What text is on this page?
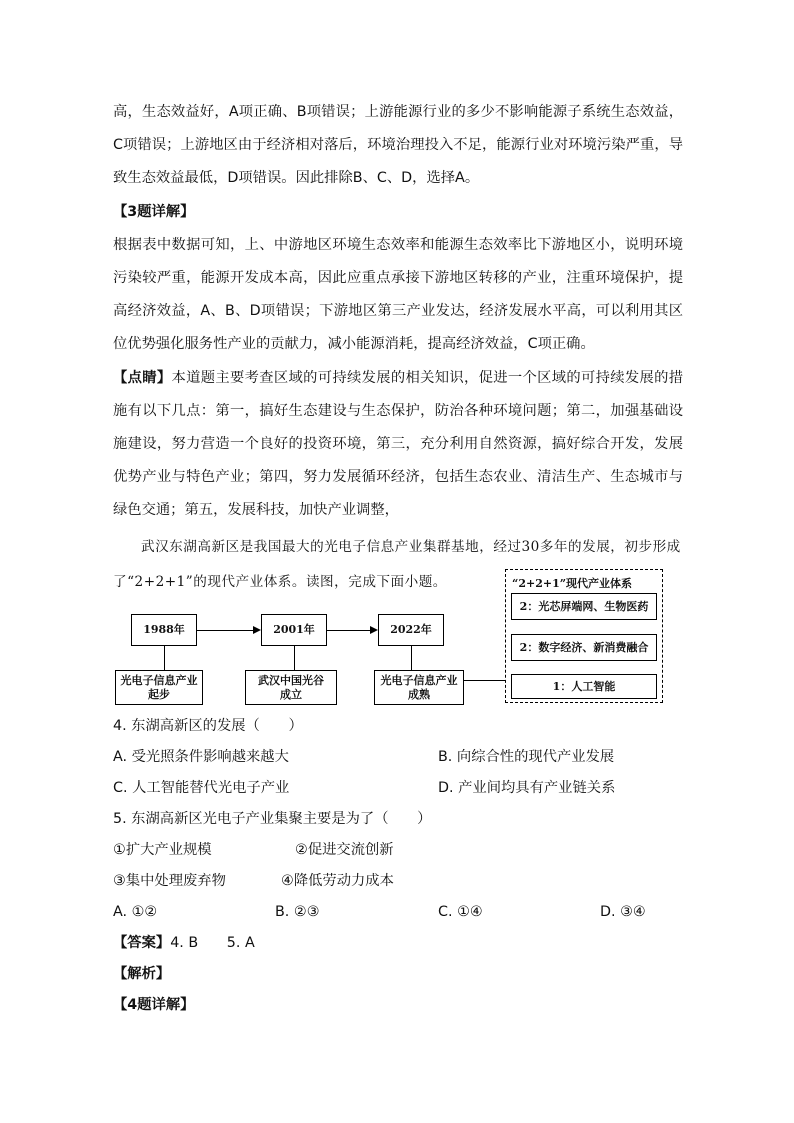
高，生态效益好，A项正确、B项错误；上游能源行业的多少不影响能源子系统生态效益，C项错误；上游地区由于经济相对落后，环境治理投入不足，能源行业对环境污染严重，导致生态效益最低，D项错误。因此排除B、C、D，选择A。

【3题详解】

根据表中数据可知，上、中游地区环境生态效率和能源生态效率比下游地区小，说明环境污染较严重，能源开发成本高，因此应重点承接下游地区转移的产业，注重环境保护，提高经济效益，A、B、D项错误；下游地区第三产业发达，经济发展水平高，可以利用其区位优势强化服务性产业的贡献力，减小能源消耗，提高经济效益，C项正确。

【点睛】本道题主要考查区域的可持续发展的相关知识，促进一个区域的可持续发展的措施有以下几点：第一，搞好生态建设与生态保护，防治各种环境问题；第二，加强基础设施建设，努力营造一个良好的投资环境，第三，充分利用自然资源，搞好综合开发，发展优势产业与特色产业；第四，努力发展循环经济，包括生态农业、清洁生产、生态城市与绿色交通；第五，发展科技，加快产业调整，

武汉东湖高新区是我国最大的光电子信息产业集群基地，经过30多年的发展，初步形成了“2+2+1”的现代产业体系。读图，完成下面小题。

1988年	2001年	2022年
光电子信息产业
起步
武汉中国光谷
成立
光电子信息产业
成熟
“2+2+1”现代产业体系
2：光芯屏端网、生物医药
2：数字经济、新消费融合
1：人工智能

4. 东湖高新区的发展（　　）

A. 受光照条件影响越来越大	B. 向综合性的现代产业发展
C. 人工智能替代光电子产业	D. 产业间均具有产业链关系

5. 东湖高新区光电子产业集聚主要是为了（　　）

①扩大产业规模	②促进交流创新
③集中处理废弃物	④降低劳动力成本
A. ①②	B. ②③	C. ①④	D. ③④

【答案】4. B　　5. A

【解析】

【4题详解】
